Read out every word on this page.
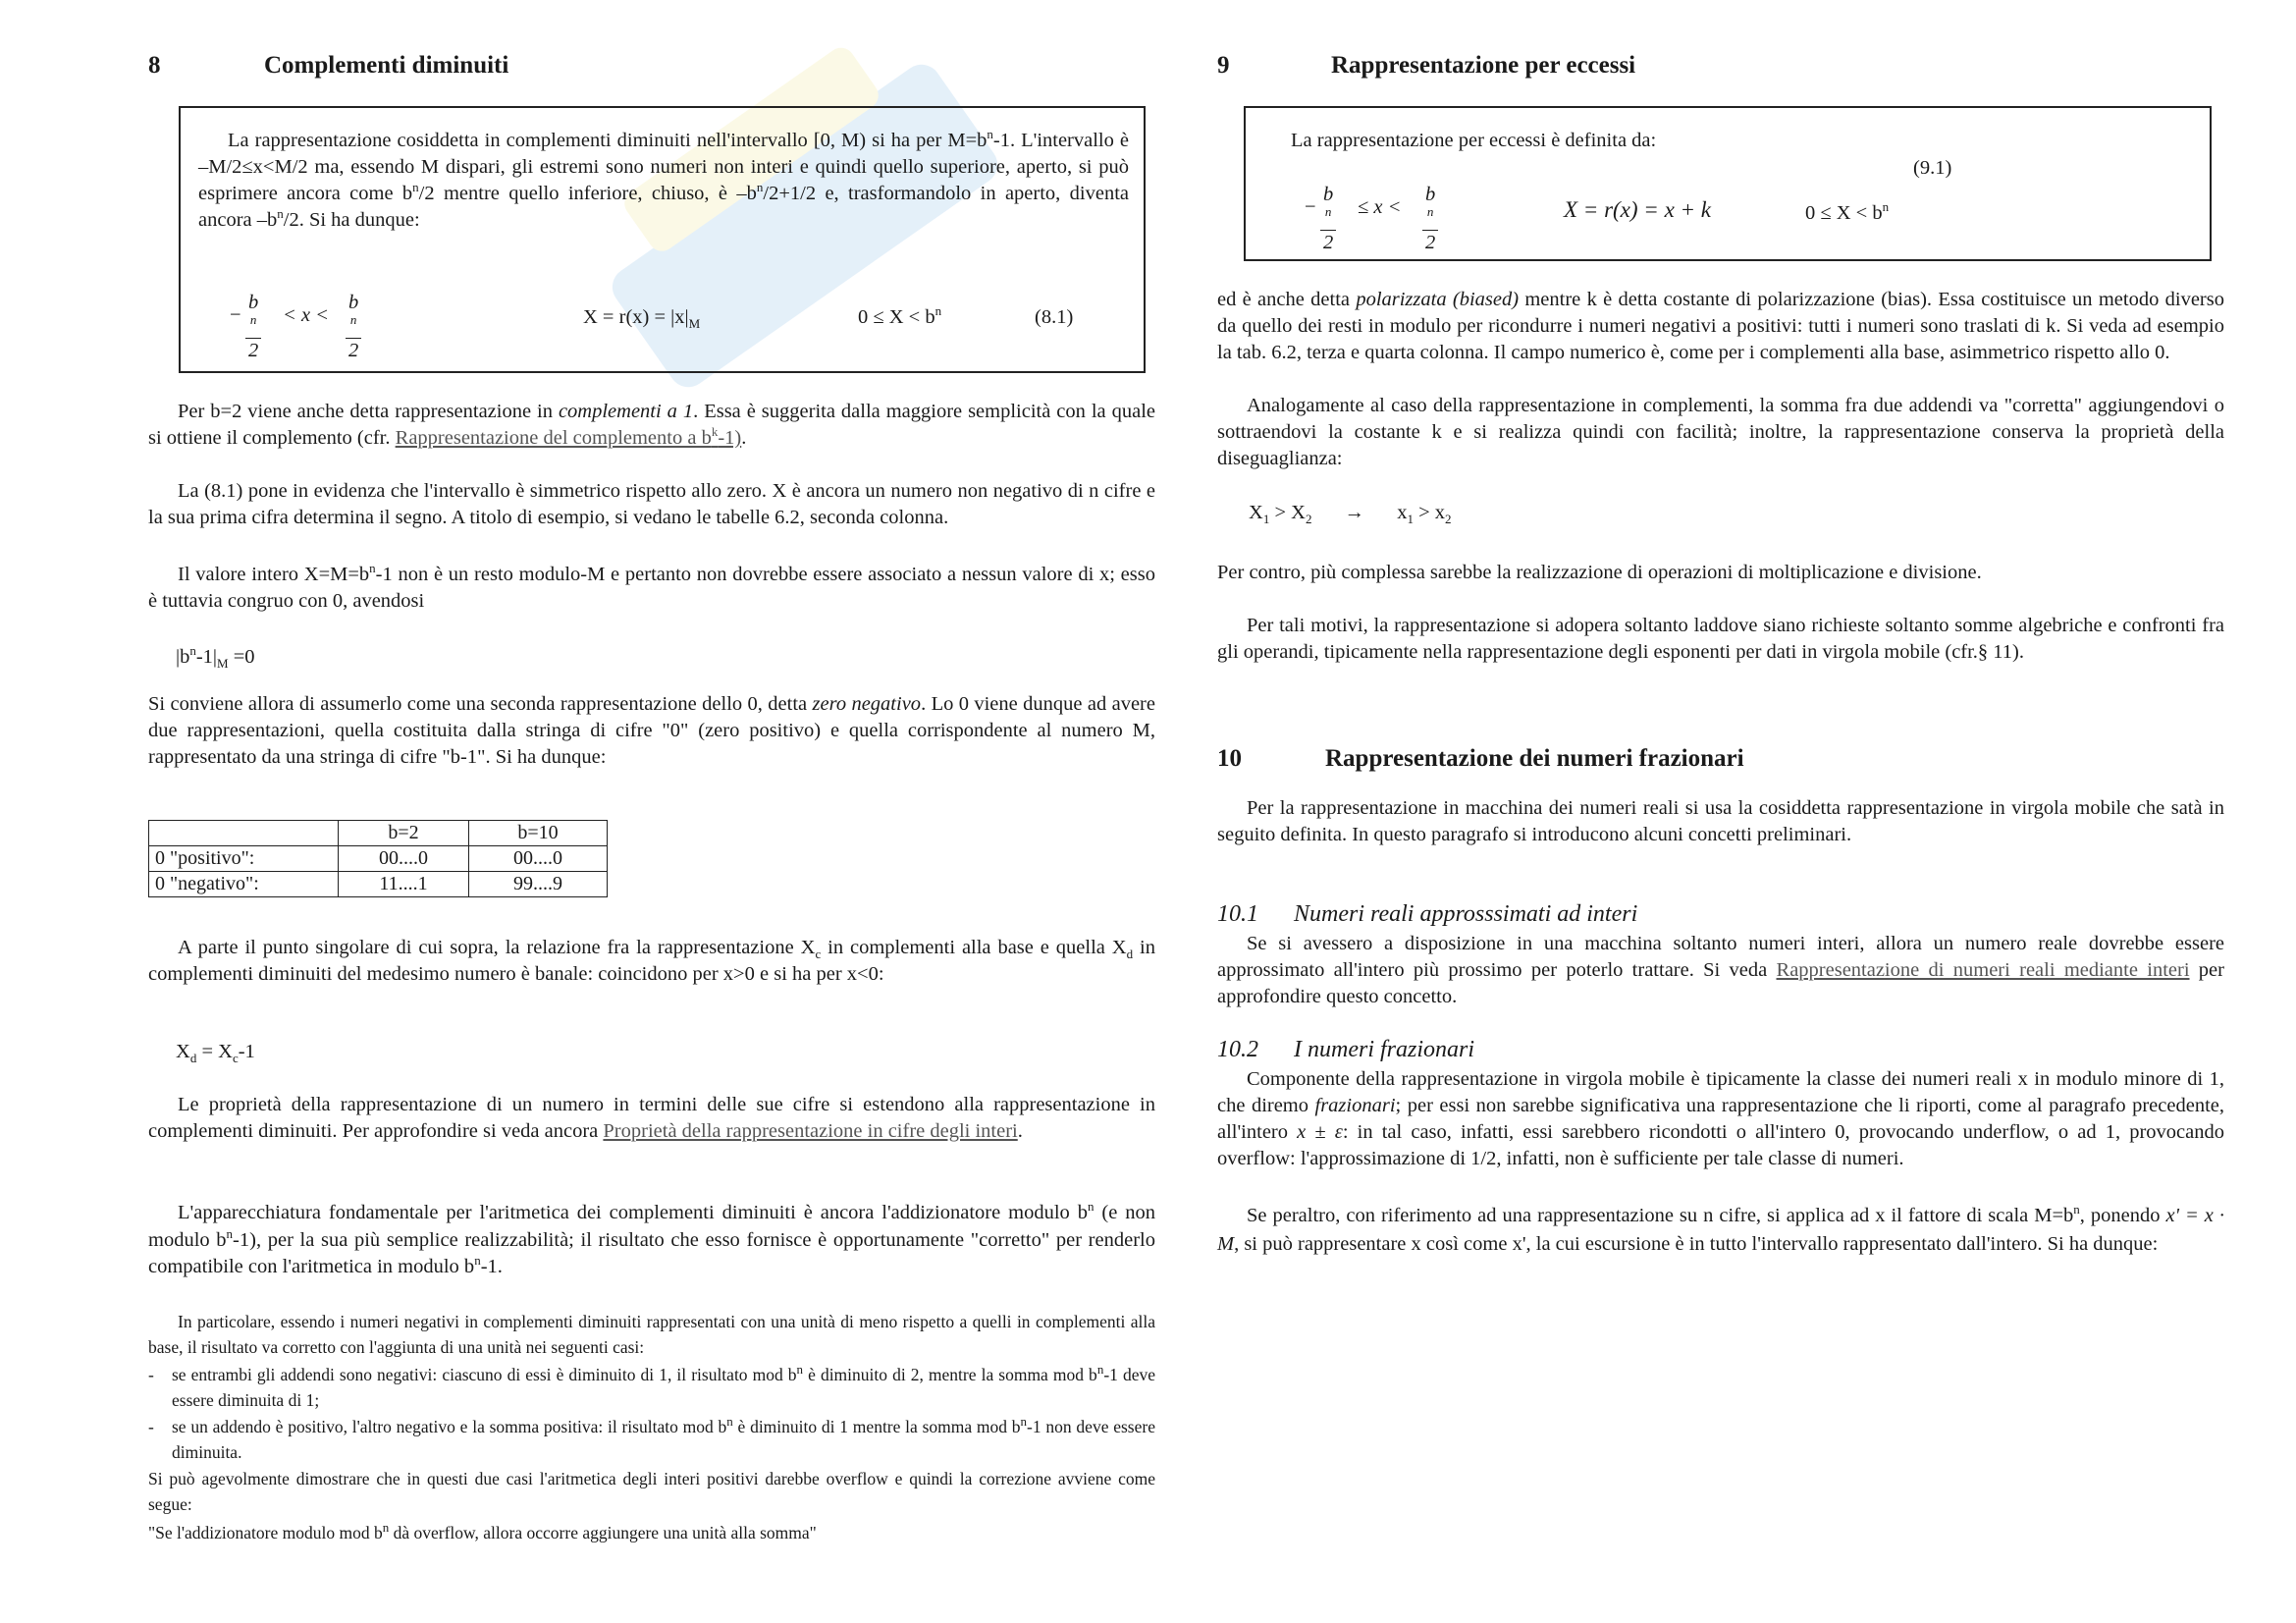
8	Complementi diminuiti

La rappresentazione cosiddetta in complementi diminuiti nell'intervallo [0, M) si ha per $M=b^n-1$. L'intervallo è –M/2≤x<M/2 ma, essendo M dispari, gli estremi sono numeri non interi e quindi quello superiore, aperto, si può esprimere ancora come $b^n/2$ mentre quello inferiore, chiuso, è $-b^n/2+1/2$ e, trasformandolo in aperto, diventa ancora $-b^n/2$. Si ha dunque:

− b
$^n$
2 < x < b
$^n$
2	$X = r(x) = |x|_M$	$0 \le X < b^n$	(8.1)

Per b=2 viene anche detta rappresentazione in complementi a 1. Essa è suggerita dalla maggiore semplicità con la quale si ottiene il complemento (cfr. Rappresentazione del complemento a $b^k-1$).

La (8.1) pone in evidenza che l'intervallo è simmetrico rispetto allo zero. X è ancora un numero non negativo di n cifre e la sua prima cifra determina il segno. A titolo di esempio, si vedano le tabelle 6.2, seconda colonna.

Il valore intero $X=M=b^n-1$ non è un resto modulo-M e pertanto non dovrebbe essere associato a nessun valore di x; esso è tuttavia congruo con 0, avendosi

$|b^n-1|_M =0$

Si conviene allora di assumerlo come una seconda rappresentazione dello 0, detta zero negativo. Lo 0 viene dunque ad avere due rappresentazioni, quella costituita dalla stringa di cifre "0" (zero positivo) e quella corrispondente al numero M, rappresentato da una stringa di cifre "b-1". Si ha dunque:

	b=2	b=10
0 "positivo":	00....0	00....0
0 "negativo":	11....1	99....9

A parte il punto singolare di cui sopra, la relazione fra la rappresentazione $X_c$ in complementi alla base e quella $X_d$ in complementi diminuiti del medesimo numero è banale: coincidono per x>0 e si ha per x<0:

$X_d = X_c-1$

Le proprietà della rappresentazione di un numero in termini delle sue cifre si estendono alla rappresentazione in complementi diminuiti. Per approfondire si veda ancora Proprietà della rappresentazione in cifre degli interi.

L'apparecchiatura fondamentale per l'aritmetica dei complementi diminuiti è ancora l'addizionatore modulo $b^n$ (e non modulo $b^n-1$), per la sua più semplice realizzabilità; il risultato che esso fornisce è opportunamente "corretto" per renderlo compatibile con l'aritmetica in modulo $b^n-1$.

In particolare, essendo i numeri negativi in complementi diminuiti rappresentati con una unità di meno rispetto a quelli in complementi alla base, il risultato va corretto con l'aggiunta di una unità nei seguenti casi:

- se entrambi gli addendi sono negativi: ciascuno di essi è diminuito di 1, il risultato mod $b^n$ è diminuito di 2, mentre la somma mod $b^n-1$ deve essere diminuita di 1;

- se un addendo è positivo, l'altro negativo e la somma positiva: il risultato mod $b^n$ è diminuito di 1 mentre la somma mod $b^n-1$ non deve essere diminuita.

Si può agevolmente dimostrare che in questi due casi l'aritmetica degli interi positivi darebbe overflow e quindi la correzione avviene come segue:

"Se l'addizionatore modulo mod $b^n$ dà overflow, allora occorre aggiungere una unità alla somma"

9	Rappresentazione per eccessi
La rappresentazione per eccessi è definita da:
(9.1)
− b
$^n$
2 ≤ x < b
$^n$
2	X = r(x) = x + k	$0 \le X < b^n$

ed è anche detta polarizzata (biased) mentre k è detta costante di polarizzazione (bias). Essa costituisce un metodo diverso da quello dei resti in modulo per ricondurre i numeri negativi a positivi: tutti i numeri sono traslati di k. Si veda ad esempio la tab. 6.2, terza e quarta colonna. Il campo numerico è, come per i complementi alla base, asimmetrico rispetto allo 0.

Analogamente al caso della rappresentazione in complementi, la somma fra due addendi va "corretta" aggiungendovi o sottraendovi la costante k e si realizza quindi con facilità; inoltre, la rappresentazione conserva la proprietà della diseguaglianza:

$X_1 > X_2 \to x_1 > x_2$

Per contro, più complessa sarebbe la realizzazione di operazioni di moltiplicazione e divisione.

Per tali motivi, la rappresentazione si adopera soltanto laddove siano richieste soltanto somme algebriche e confronti fra gli operandi, tipicamente nella rappresentazione degli esponenti per dati in virgola mobile (cfr.§ 11).

10	Rappresentazione dei numeri frazionari

Per la rappresentazione in macchina dei numeri reali si usa la cosiddetta rappresentazione in virgola mobile che satà in seguito definita. In questo paragrafo si introducono alcuni concetti preliminari.

10.1 Numeri reali approsssimati ad interi

Se si avessero a disposizione in una macchina soltanto numeri interi, allora un numero reale dovrebbe essere approssimato all'intero più prossimo per poterlo trattare. Si veda Rappresentazione di numeri reali mediante interi per approfondire questo concetto.

10.2 I numeri frazionari

Componente della rappresentazione in virgola mobile è tipicamente la classe dei numeri reali x in modulo minore di 1, che diremo frazionari; per essi non sarebbe significativa una rappresentazione che li riporti, come al paragrafo precedente, all'intero x ± ε: in tal caso, infatti, essi sarebbero ricondotti o all'intero 0, provocando underflow, o ad 1, provocando overflow: l'approssimazione di 1/2, infatti, non è sufficiente per tale classe di numeri.

Se peraltro, con riferimento ad una rappresentazione su n cifre, si applica ad x il fattore di scala $M=b^n$, ponendo x' = x · M, si può rappresentare x così come x', la cui escursione è in tutto l'intervallo rappresentato dall'intero. Si ha dunque:
